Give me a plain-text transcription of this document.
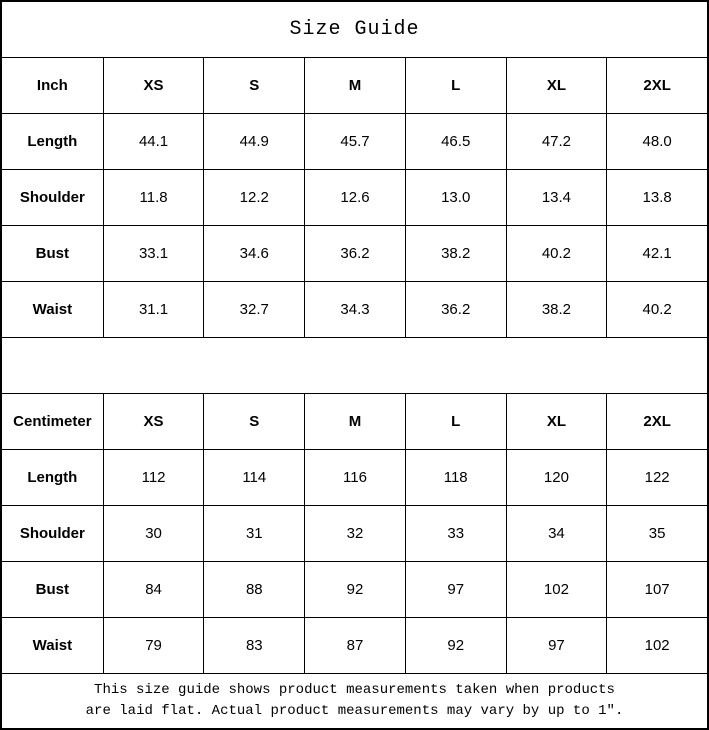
Size Guide
Inch	XS	S	M	L	XL	2XL
Length	44.1	44.9	45.7	46.5	47.2	48.0
Shoulder	11.8	12.2	12.6	13.0	13.4	13.8
Bust	33.1	34.6	36.2	38.2	40.2	42.1
Waist	31.1	32.7	34.3	36.2	38.2	40.2
Centimeter	XS	S	M	L	XL	2XL
Length	112	114	116	118	120	122
Shoulder	30	31	32	33	34	35
Bust	84	88	92	97	102	107
Waist	79	83	87	92	97	102
This size guide shows product measurements taken when products
are laid flat. Actual product measurements may vary by up to 1″.
